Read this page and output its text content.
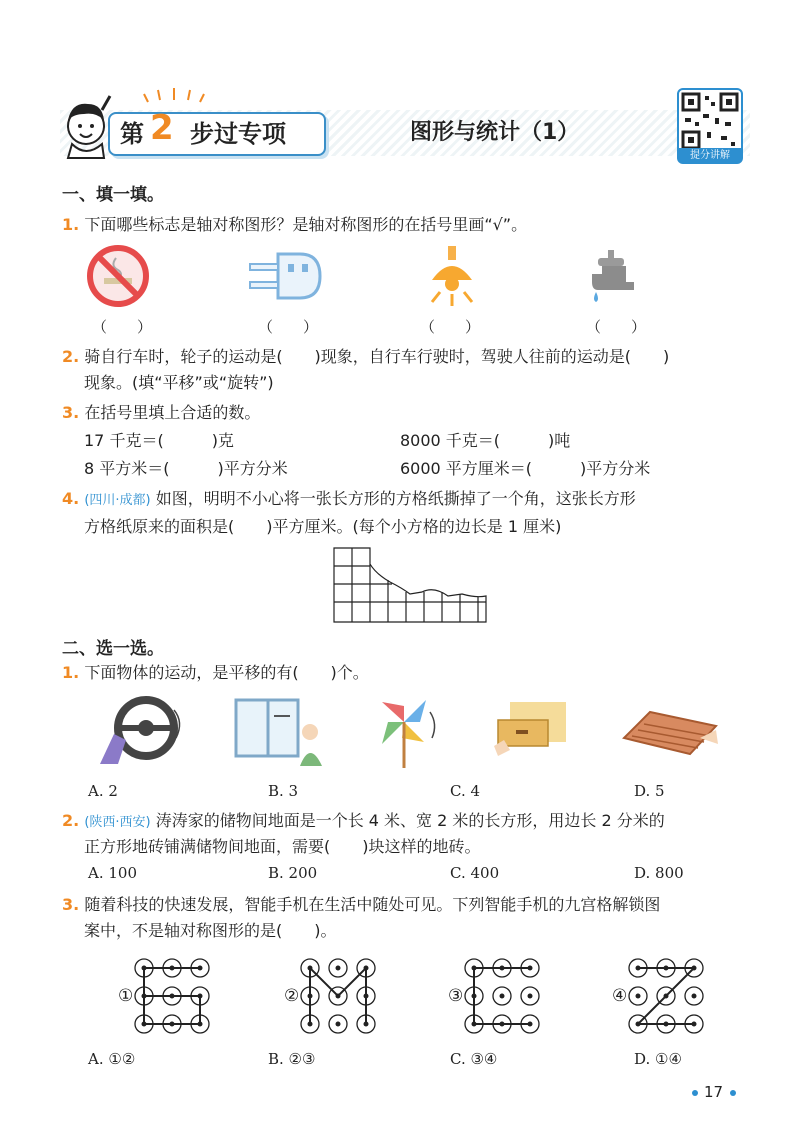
第 2 步过专项	图形与统计（1）
提分讲解
一、填一填。
1. 下面哪些标志是轴对称图形？是轴对称图形的在括号里画“√”。
（　　）	（　　）	（　　）	（　　）
2. 骑自行车时，轮子的运动是(　　)现象，自行车行驶时，驾驶人往前的运动是(　　)
现象。(填“平移”或“旋转”)
3. 在括号里填上合适的数。
17 千克＝(　　　)克	8000 千克＝(　　　)吨
8 平方米＝(　　　)平方分米	6000 平方厘米＝(　　　)平方分米
4. (四川·成都) 如图，明明不小心将一张长方形的方格纸撕掉了一个角，这张长方形
方格纸原来的面积是(　　)平方厘米。(每个小方格的边长是 1 厘米)
二、选一选。
1. 下面物体的运动，是平移的有(　　)个。
A. 2	B. 3	C. 4	D. 5
2. (陕西·西安) 涛涛家的储物间地面是一个长 4 米、宽 2 米的长方形，用边长 2 分米的
正方形地砖铺满储物间地面，需要(　　)块这样的地砖。
A. 100	B. 200	C. 400	D. 800
3. 随着科技的快速发展，智能手机在生活中随处可见。下列智能手机的九宫格解锁图
案中，不是轴对称图形的是(　　)。
①	②	③	④
A. ①②	B. ②③	C. ③④	D. ①④
17
